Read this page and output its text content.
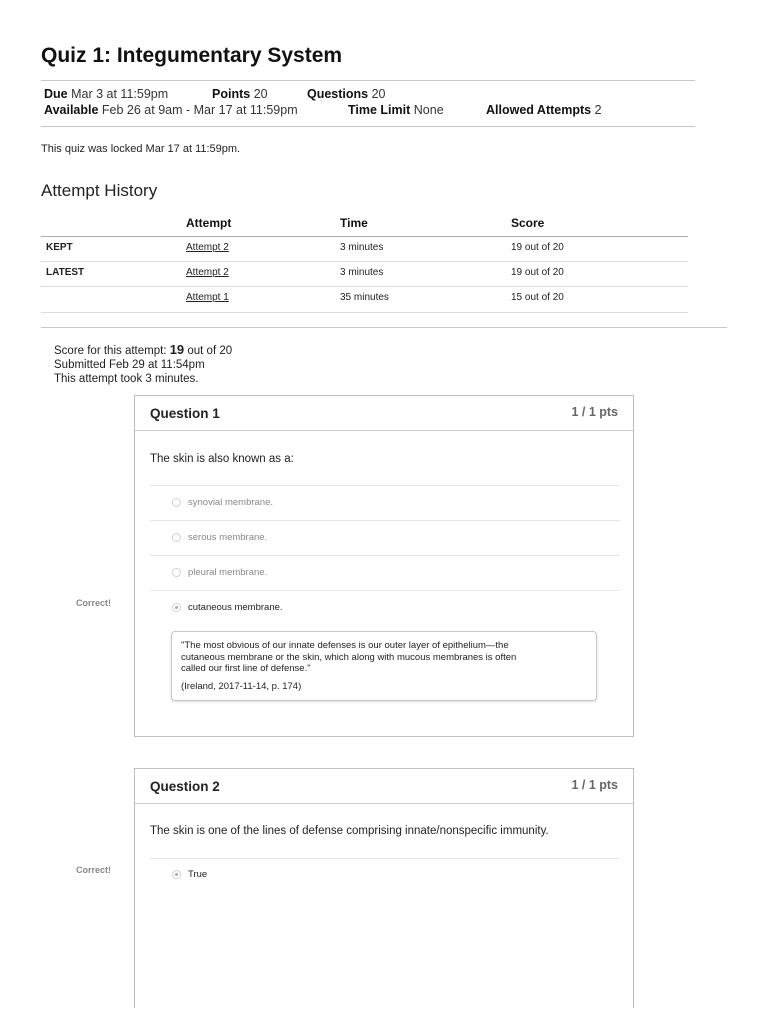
Quiz 1: Integumentary System
Due Mar 3 at 11:59pm	Points 20	Questions 20
Available Feb 26 at 9am - Mar 17 at 11:59pm	Time Limit None	Allowed Attempts 2
This quiz was locked Mar 17 at 11:59pm.
Attempt History
Attempt	Time	Score
KEPT	Attempt 2	3 minutes	19 out of 20
LATEST	Attempt 2	3 minutes	19 out of 20
Attempt 1	35 minutes	15 out of 20
Score for this attempt: 19 out of 20
Submitted Feb 29 at 11:54pm
This attempt took 3 minutes.
Question 1	1 / 1 pts
The skin is also known as a:
synovial membrane.
serous membrane.
pleural membrane.
cutaneous membrane.
"The most obvious of our innate defenses is our outer layer of epithelium—the
cutaneous membrane or the skin, which along with mucous membranes is often
called our first line of defense."
(Ireland, 2017-11-14, p. 174)
Correct!
Question 2	1 / 1 pts
The skin is one of the lines of defense comprising innate/nonspecific immunity.
True
Correct!
